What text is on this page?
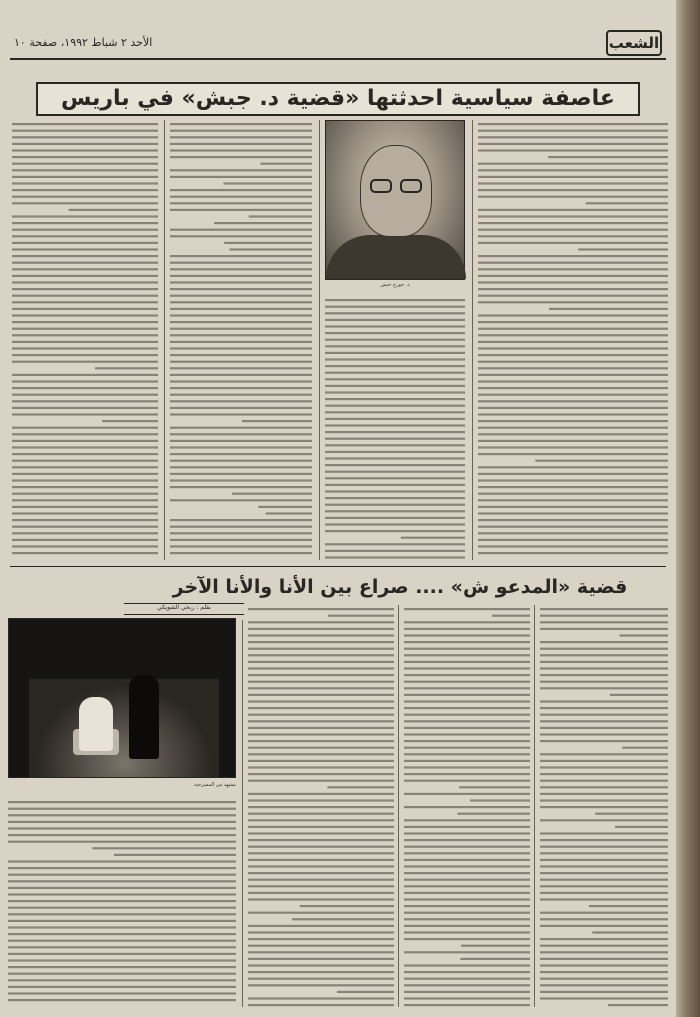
الشعب
الأحد ٢ شباط ١٩٩٢، صفحة ١٠
عاصفة سياسية احدثتها «قضية د. جبش» في باريس
د. جورج حبش
قضية «المدعو ش» .... صراع بين الأنا والأنا الآخر
بقلم : ربحي الشويكي
مشهد من المسرحية
